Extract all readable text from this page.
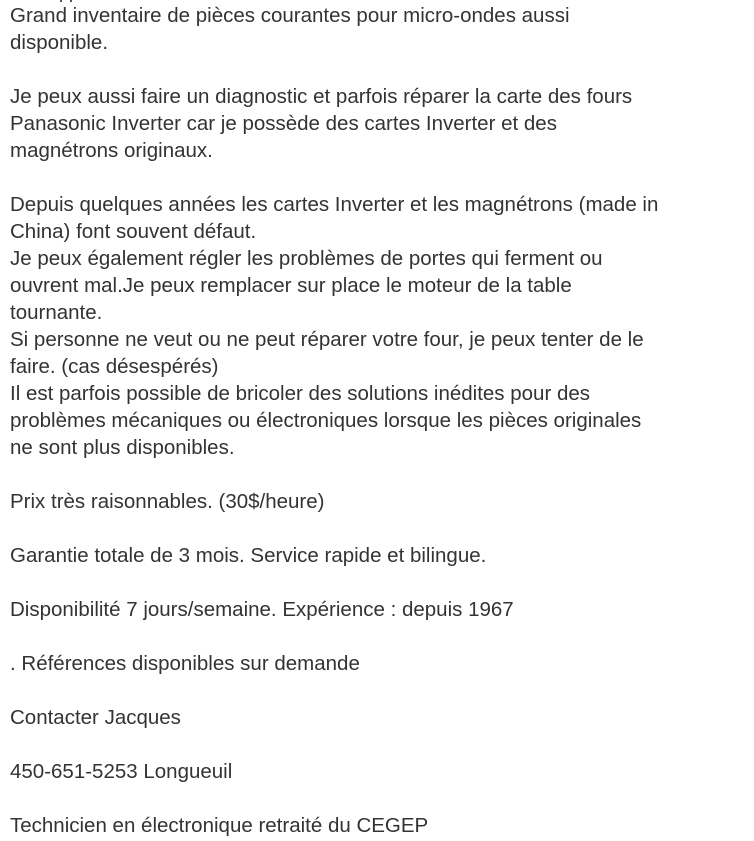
Grand inventaire de pièces courantes pour micro-ondes aussi

disponible.

Je peux aussi faire un diagnostic et parfois réparer la carte des fours

Panasonic Inverter car je possède des cartes Inverter et des

magnétrons originaux.

Depuis quelques années les cartes Inverter et les magnétrons (made in

China) font souvent défaut.

Je peux également régler les problèmes de portes qui ferment ou

ouvrent mal.Je peux remplacer sur place le moteur de la table

tournante.

Si personne ne veut ou ne peut réparer votre four, je peux tenter de le

faire. (cas désespérés)

Il est parfois possible de bricoler des solutions inédites pour des

problèmes mécaniques ou électroniques lorsque les pièces originales

ne sont plus disponibles.

Prix très raisonnables. (30$/heure)

Garantie totale de 3 mois. Service rapide et bilingue.

Disponibilité 7 jours/semaine. Expérience : depuis 1967

. Références disponibles sur demande

Contacter Jacques

450-651-5253 Longueuil

Technicien en électronique retraité du CEGEP
